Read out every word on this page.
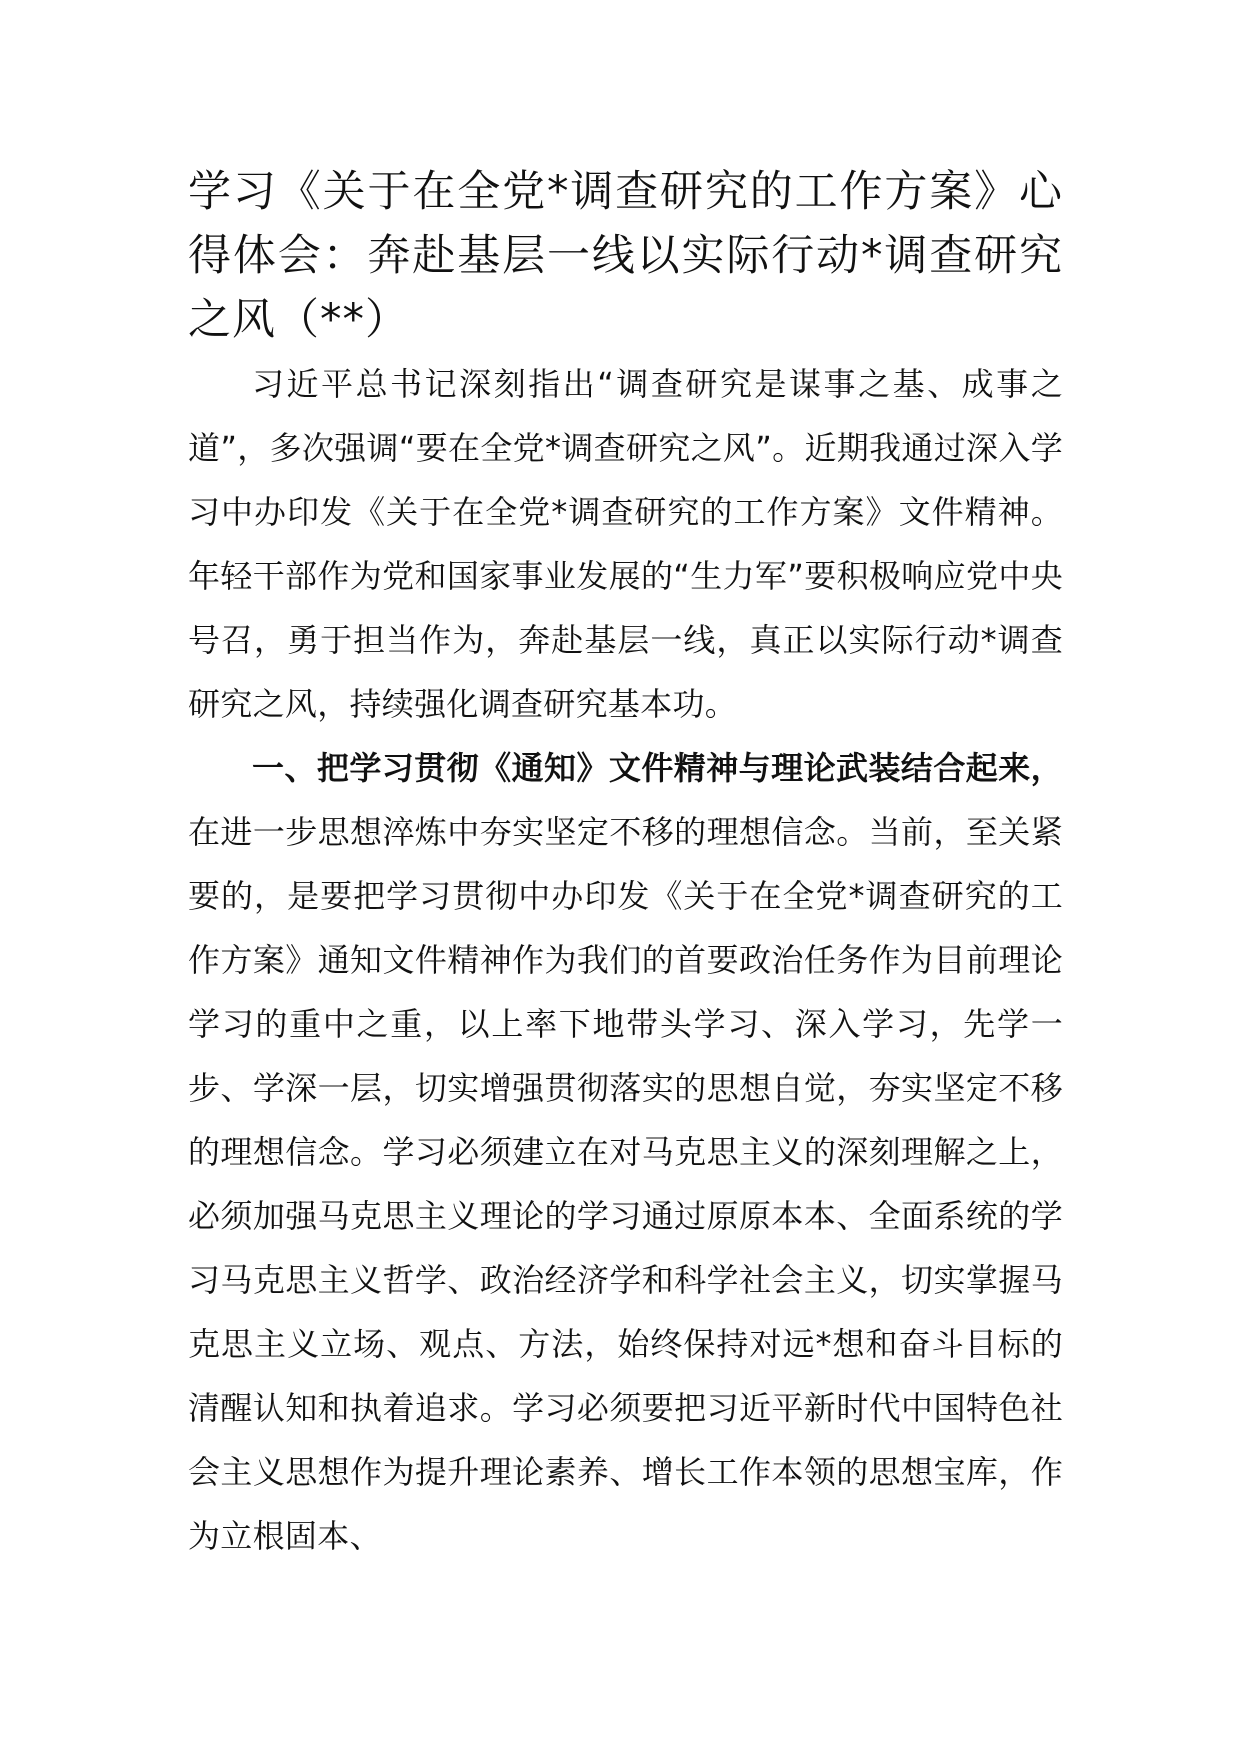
学习《关于在全党*调查研究的工作方案》心得体会：奔赴基层一线以实际行动*调查研究之风（**）

习近平总书记深刻指出“调查研究是谋事之基、成事之道”，多次强调“要在全党*调查研究之风”。近期我通过深入学习中办印发《关于在全党*调查研究的工作方案》文件精神。年轻干部作为党和国家事业发展的“生力军”要积极响应党中央号召，勇于担当作为，奔赴基层一线，真正以实际行动*调查研究之风，持续强化调查研究基本功。

一、把学习贯彻《通知》文件精神与理论武装结合起来，在进一步思想淬炼中夯实坚定不移的理想信念。当前，至关紧要的，是要把学习贯彻中办印发《关于在全党*调查研究的工作方案》通知文件精神作为我们的首要政治任务作为目前理论学习的重中之重，以上率下地带头学习、深入学习，先学一步、学深一层，切实增强贯彻落实的思想自觉，夯实坚定不移的理想信念。学习必须建立在对马克思主义的深刻理解之上，必须加强马克思主义理论的学习通过原原本本、全面系统的学习马克思主义哲学、政治经济学和科学社会主义，切实掌握马克思主义立场、观点、方法，始终保持对远*想和奋斗目标的清醒认知和执着追求。学习必须要把习近平新时代中国特色社会主义思想作为提升理论素养、增长工作本领的思想宝库，作为立根固本、
